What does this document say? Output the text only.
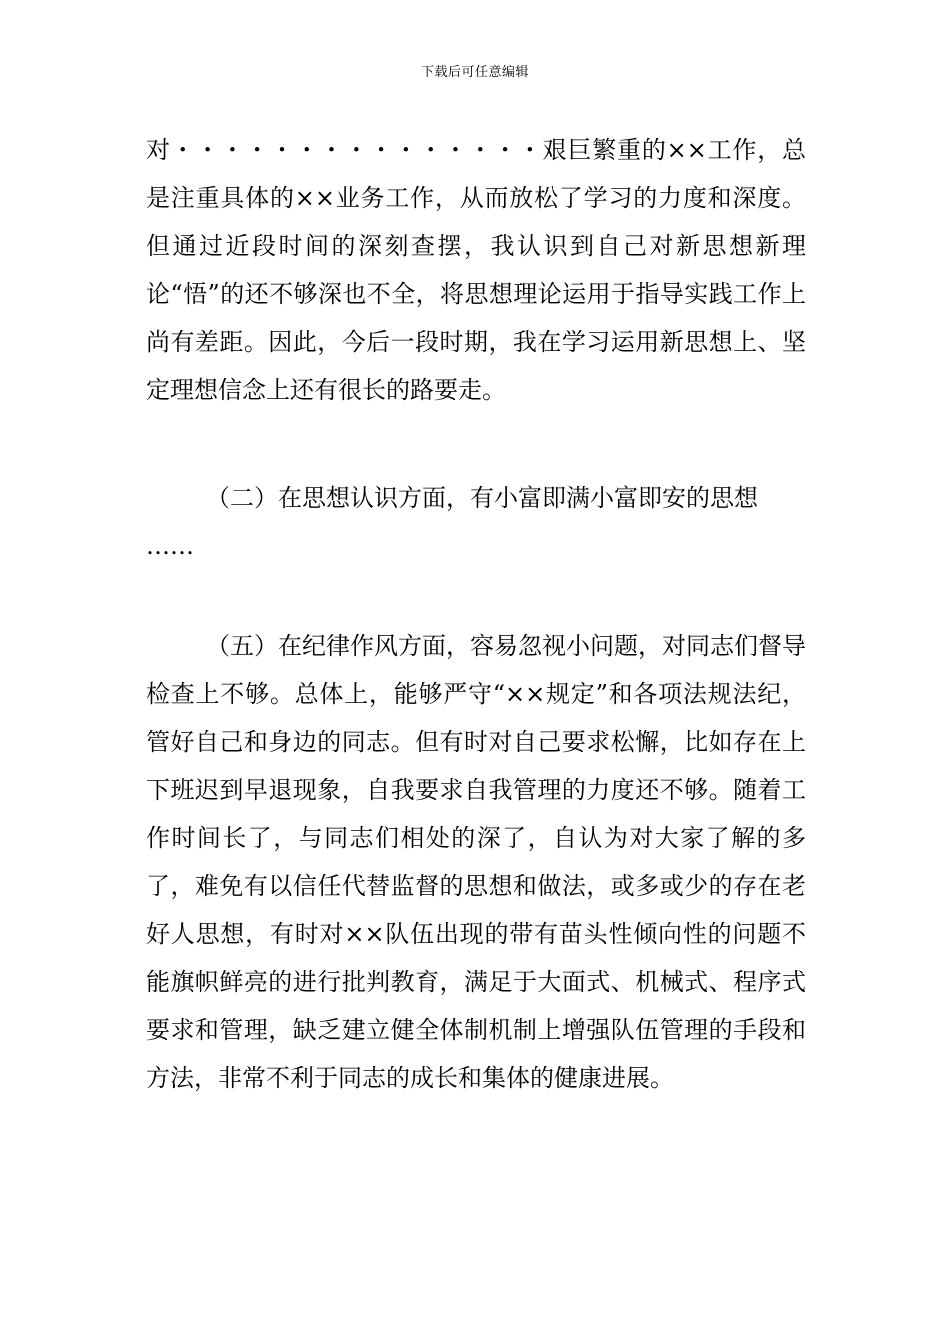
下载后可任意编辑

对・・・・・・・・・・・・・・・艰巨繁重的××工作，总是注重具体的××业务工作，从而放松了学习的力度和深度。但通过近段时间的深刻查摆，我认识到自己对新思想新理论“悟”的还不够深也不全，将思想理论运用于指导实践工作上尚有差距。因此，今后一段时期，我在学习运用新思想上、坚定理想信念上还有很长的路要走。

（二）在思想认识方面，有小富即满小富即安的思想

……

（五）在纪律作风方面，容易忽视小问题，对同志们督导检查上不够。总体上，能够严守“××规定”和各项法规法纪，管好自己和身边的同志。但有时对自己要求松懈，比如存在上下班迟到早退现象，自我要求自我管理的力度还不够。随着工作时间长了，与同志们相处的深了，自认为对大家了解的多了，难免有以信任代替监督的思想和做法，或多或少的存在老好人思想，有时对××队伍出现的带有苗头性倾向性的问题不能旗帜鲜亮的进行批判教育，满足于大面式、机械式、程序式要求和管理，缺乏建立健全体制机制上增强队伍管理的手段和方法，非常不利于同志的成长和集体的健康进展。
